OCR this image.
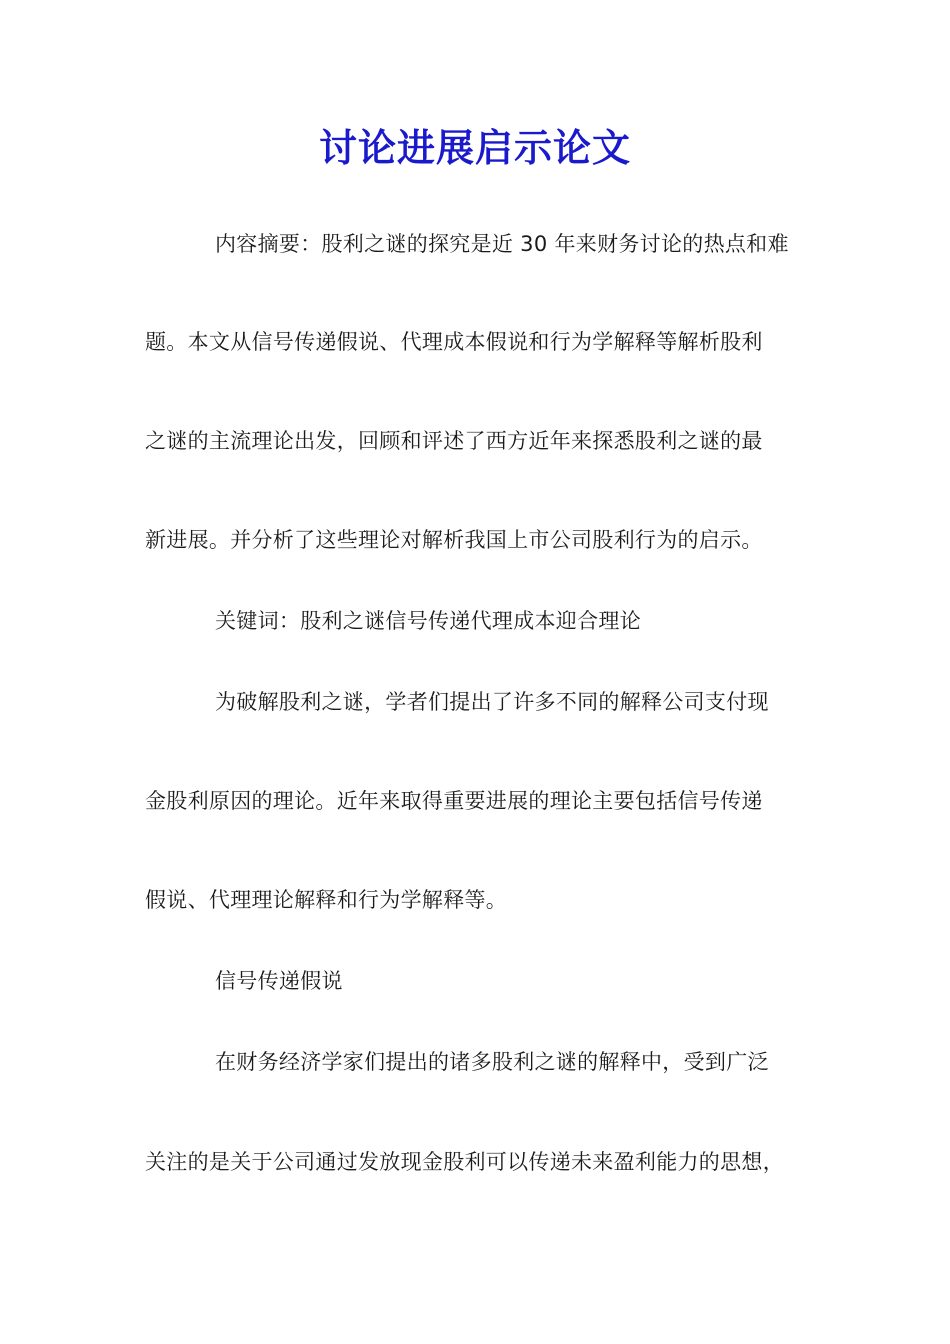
讨论进展启示论文
内容摘要：股利之谜的探究是近 30 年来财务讨论的热点和难
题。本文从信号传递假说、代理成本假说和行为学解释等解析股利
之谜的主流理论出发，回顾和评述了西方近年来探悉股利之谜的最
新进展。并分析了这些理论对解析我国上市公司股利行为的启示。
关键词：股利之谜信号传递代理成本迎合理论
为破解股利之谜，学者们提出了许多不同的解释公司支付现
金股利原因的理论。近年来取得重要进展的理论主要包括信号传递
假说、代理理论解释和行为学解释等。
信号传递假说
在财务经济学家们提出的诸多股利之谜的解释中，受到广泛
关注的是关于公司通过发放现金股利可以传递未来盈利能力的思想，
